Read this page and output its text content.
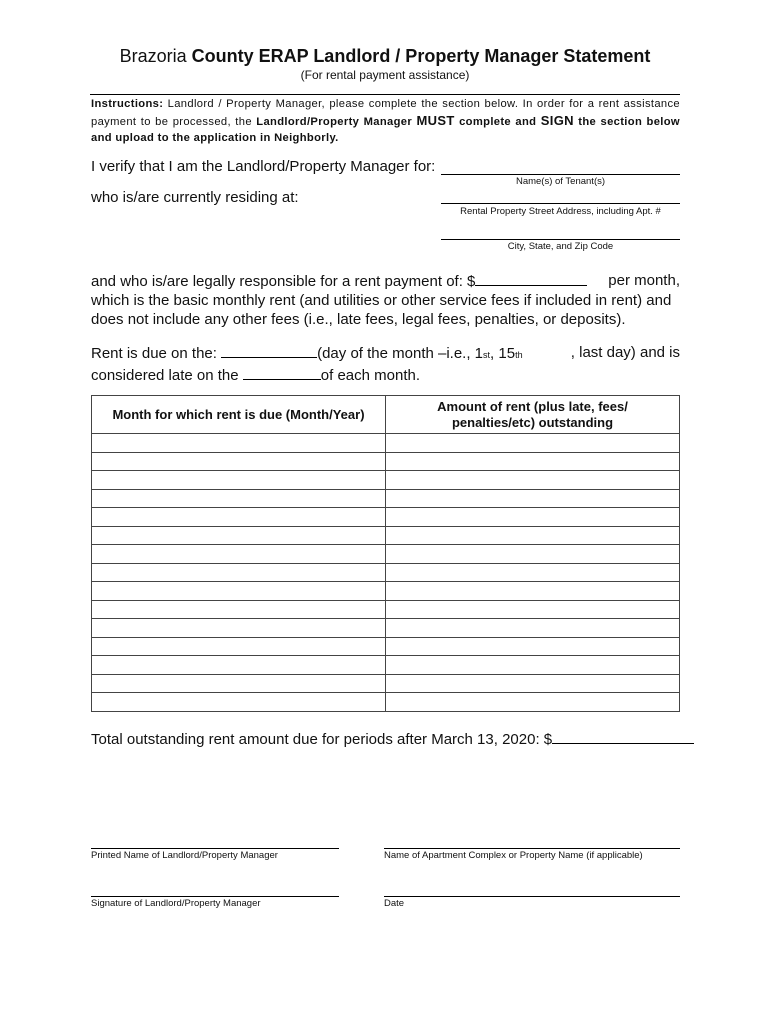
Brazoria County ERAP Landlord / Property Manager Statement
(For rental payment assistance)
Instructions: Landlord / Property Manager, please complete the section below. In order for a rent assistance payment to be processed, the Landlord/Property Manager MUST complete and SIGN the section below and upload to the application in Neighborly.
I verify that I am the Landlord/Property Manager for:
Name(s) of Tenant(s)
who is/are currently residing at:
Rental Property Street Address, including Apt. #
City, State, and Zip Code
and who is/are legally responsible for a rent payment of: $	per month,
which is the basic monthly rent (and utilities or other service fees if included in rent) and
does not include any other fees (i.e., late fees, legal fees, penalties, or deposits).
Rent is due on the:	(day of the month –i.e., 1st, 15th	, last day) and is
considered late on the	of each month.
Month for which rent is due (Month/Year)	Amount of rent (plus late, fees/ penalties/etc) outstanding

Total outstanding rent amount due for periods after March 13, 2020: $
Printed Name of Landlord/Property Manager	Name of Apartment Complex or Property Name (if applicable)
Signature of Landlord/Property Manager	Date
